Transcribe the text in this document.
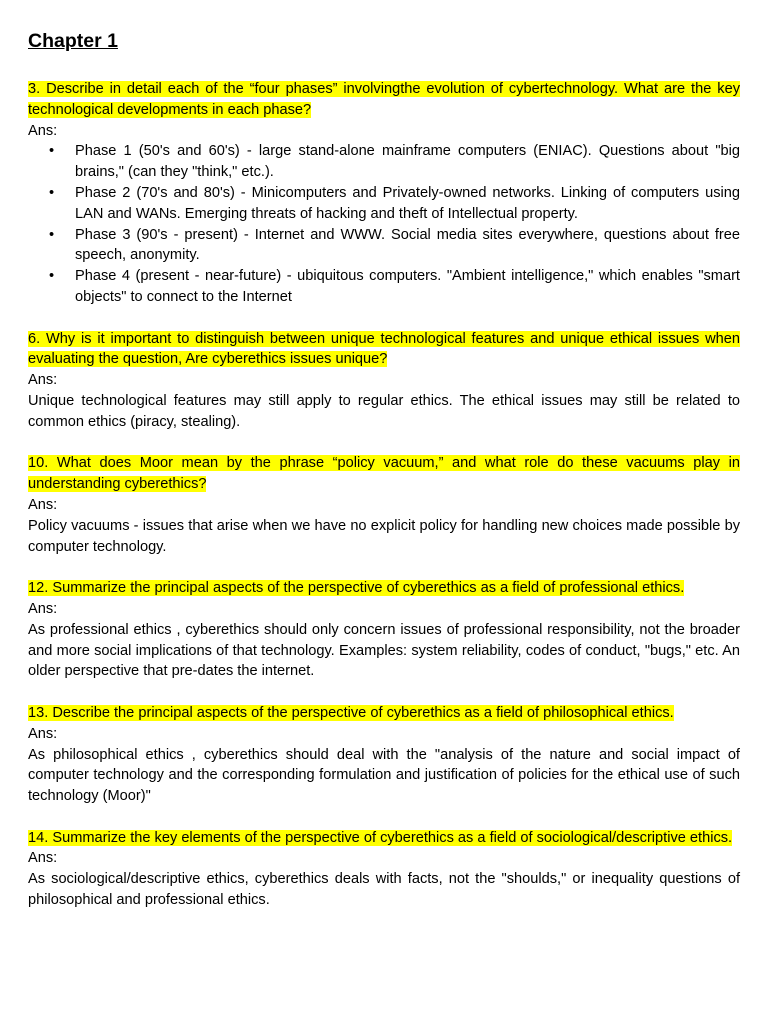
Chapter 1

3. Describe in detail each of the “four phases” involvingthe evolution of cybertechnology. What are the key technological developments in each phase?

Ans:

• Phase 1 (50's and 60's) - large stand-alone mainframe computers (ENIAC). Questions about "big brains," (can they "think," etc.).
• Phase 2 (70's and 80's) - Minicomputers and Privately-owned networks. Linking of computers using LAN and WANs. Emerging threats of hacking and theft of Intellectual property.
• Phase 3 (90's - present) - Internet and WWW. Social media sites everywhere, questions about free speech, anonymity.
• Phase 4 (present - near-future) - ubiquitous computers. "Ambient intelligence," which enables "smart objects" to connect to the Internet

6. Why is it important to distinguish between unique technological features and unique ethical issues when evaluating the question, Are cyberethics issues unique?

Ans:

Unique technological features may still apply to regular ethics. The ethical issues may still be related to common ethics (piracy, stealing).

10. What does Moor mean by the phrase “policy vacuum,” and what role do these vacuums play in understanding cyberethics?

Ans:

Policy vacuums - issues that arise when we have no explicit policy for handling new choices made possible by computer technology.

12. Summarize the principal aspects of the perspective of cyberethics as a field of professional ethics.

Ans:

As professional ethics , cyberethics should only concern issues of professional responsibility, not the broader and more social implications of that technology. Examples: system reliability, codes of conduct, "bugs," etc. An older perspective that pre-dates the internet.

13. Describe the principal aspects of the perspective of cyberethics as a field of philosophical ethics.

Ans:

As philosophical ethics , cyberethics should deal with the "analysis of the nature and social impact of computer technology and the corresponding formulation and justification of policies for the ethical use of such technology (Moor)"

14. Summarize the key elements of the perspective of cyberethics as a field of sociological/descriptive ethics.

Ans:

As sociological/descriptive ethics, cyberethics deals with facts, not the "shoulds," or inequality questions of philosophical and professional ethics.
